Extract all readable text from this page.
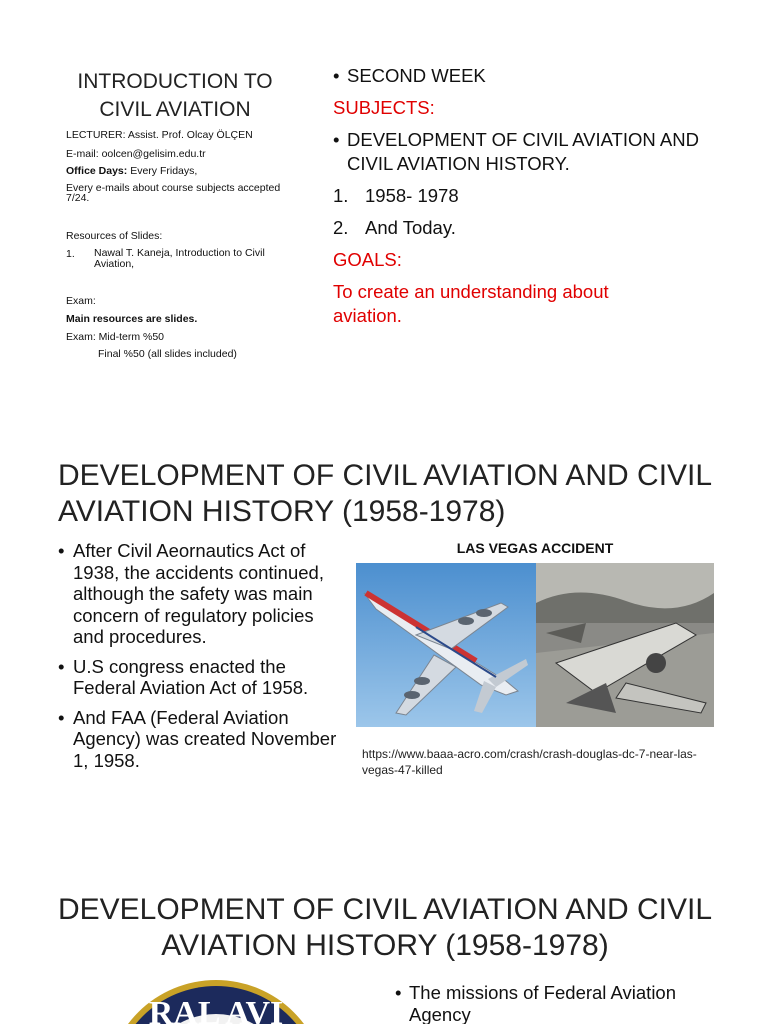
INTRODUCTION TO
CIVIL AVIATION
LECTURER: Assist. Prof. Olcay ÖLÇEN
E-mail: oolcen@gelisim.edu.tr
Office Days: Every Fridays,
Every e-mails about course subjects accepted
7/24.
Resources of Slides:
1. Nawal T. Kaneja, Introduction to Civil
Aviation,
Exam:
Main resources are slides.
Exam: Mid-term %50
Final %50 (all slides included)
• SECOND WEEK
SUBJECTS:
• DEVELOPMENT OF CIVIL AVIATION AND
CIVIL AVIATION HISTORY.
1. 1958- 1978
2. And Today.
GOALS:
To create an understanding about
aviation.
DEVELOPMENT OF CIVIL AVIATION AND CIVIL
AVIATION HISTORY (1958-1978)
• After Civil Aeornautics Act of 1938, the accidents continued, although the safety was main concern of regulatory policies and procedures.
• U.S congress enacted the Federal Aviation Act of 1958.
• And FAA (Federal Aviation Agency) was created November 1, 1958.
LAS VEGAS ACCIDENT
https://www.baaa-acro.com/crash/crash-douglas-dc-7-near-las-
vegas-47-killed
DEVELOPMENT OF CIVIL AVIATION AND CIVIL
AVIATION HISTORY (1958-1978)
RAL AVI
• The missions of Federal Aviation
Agency
